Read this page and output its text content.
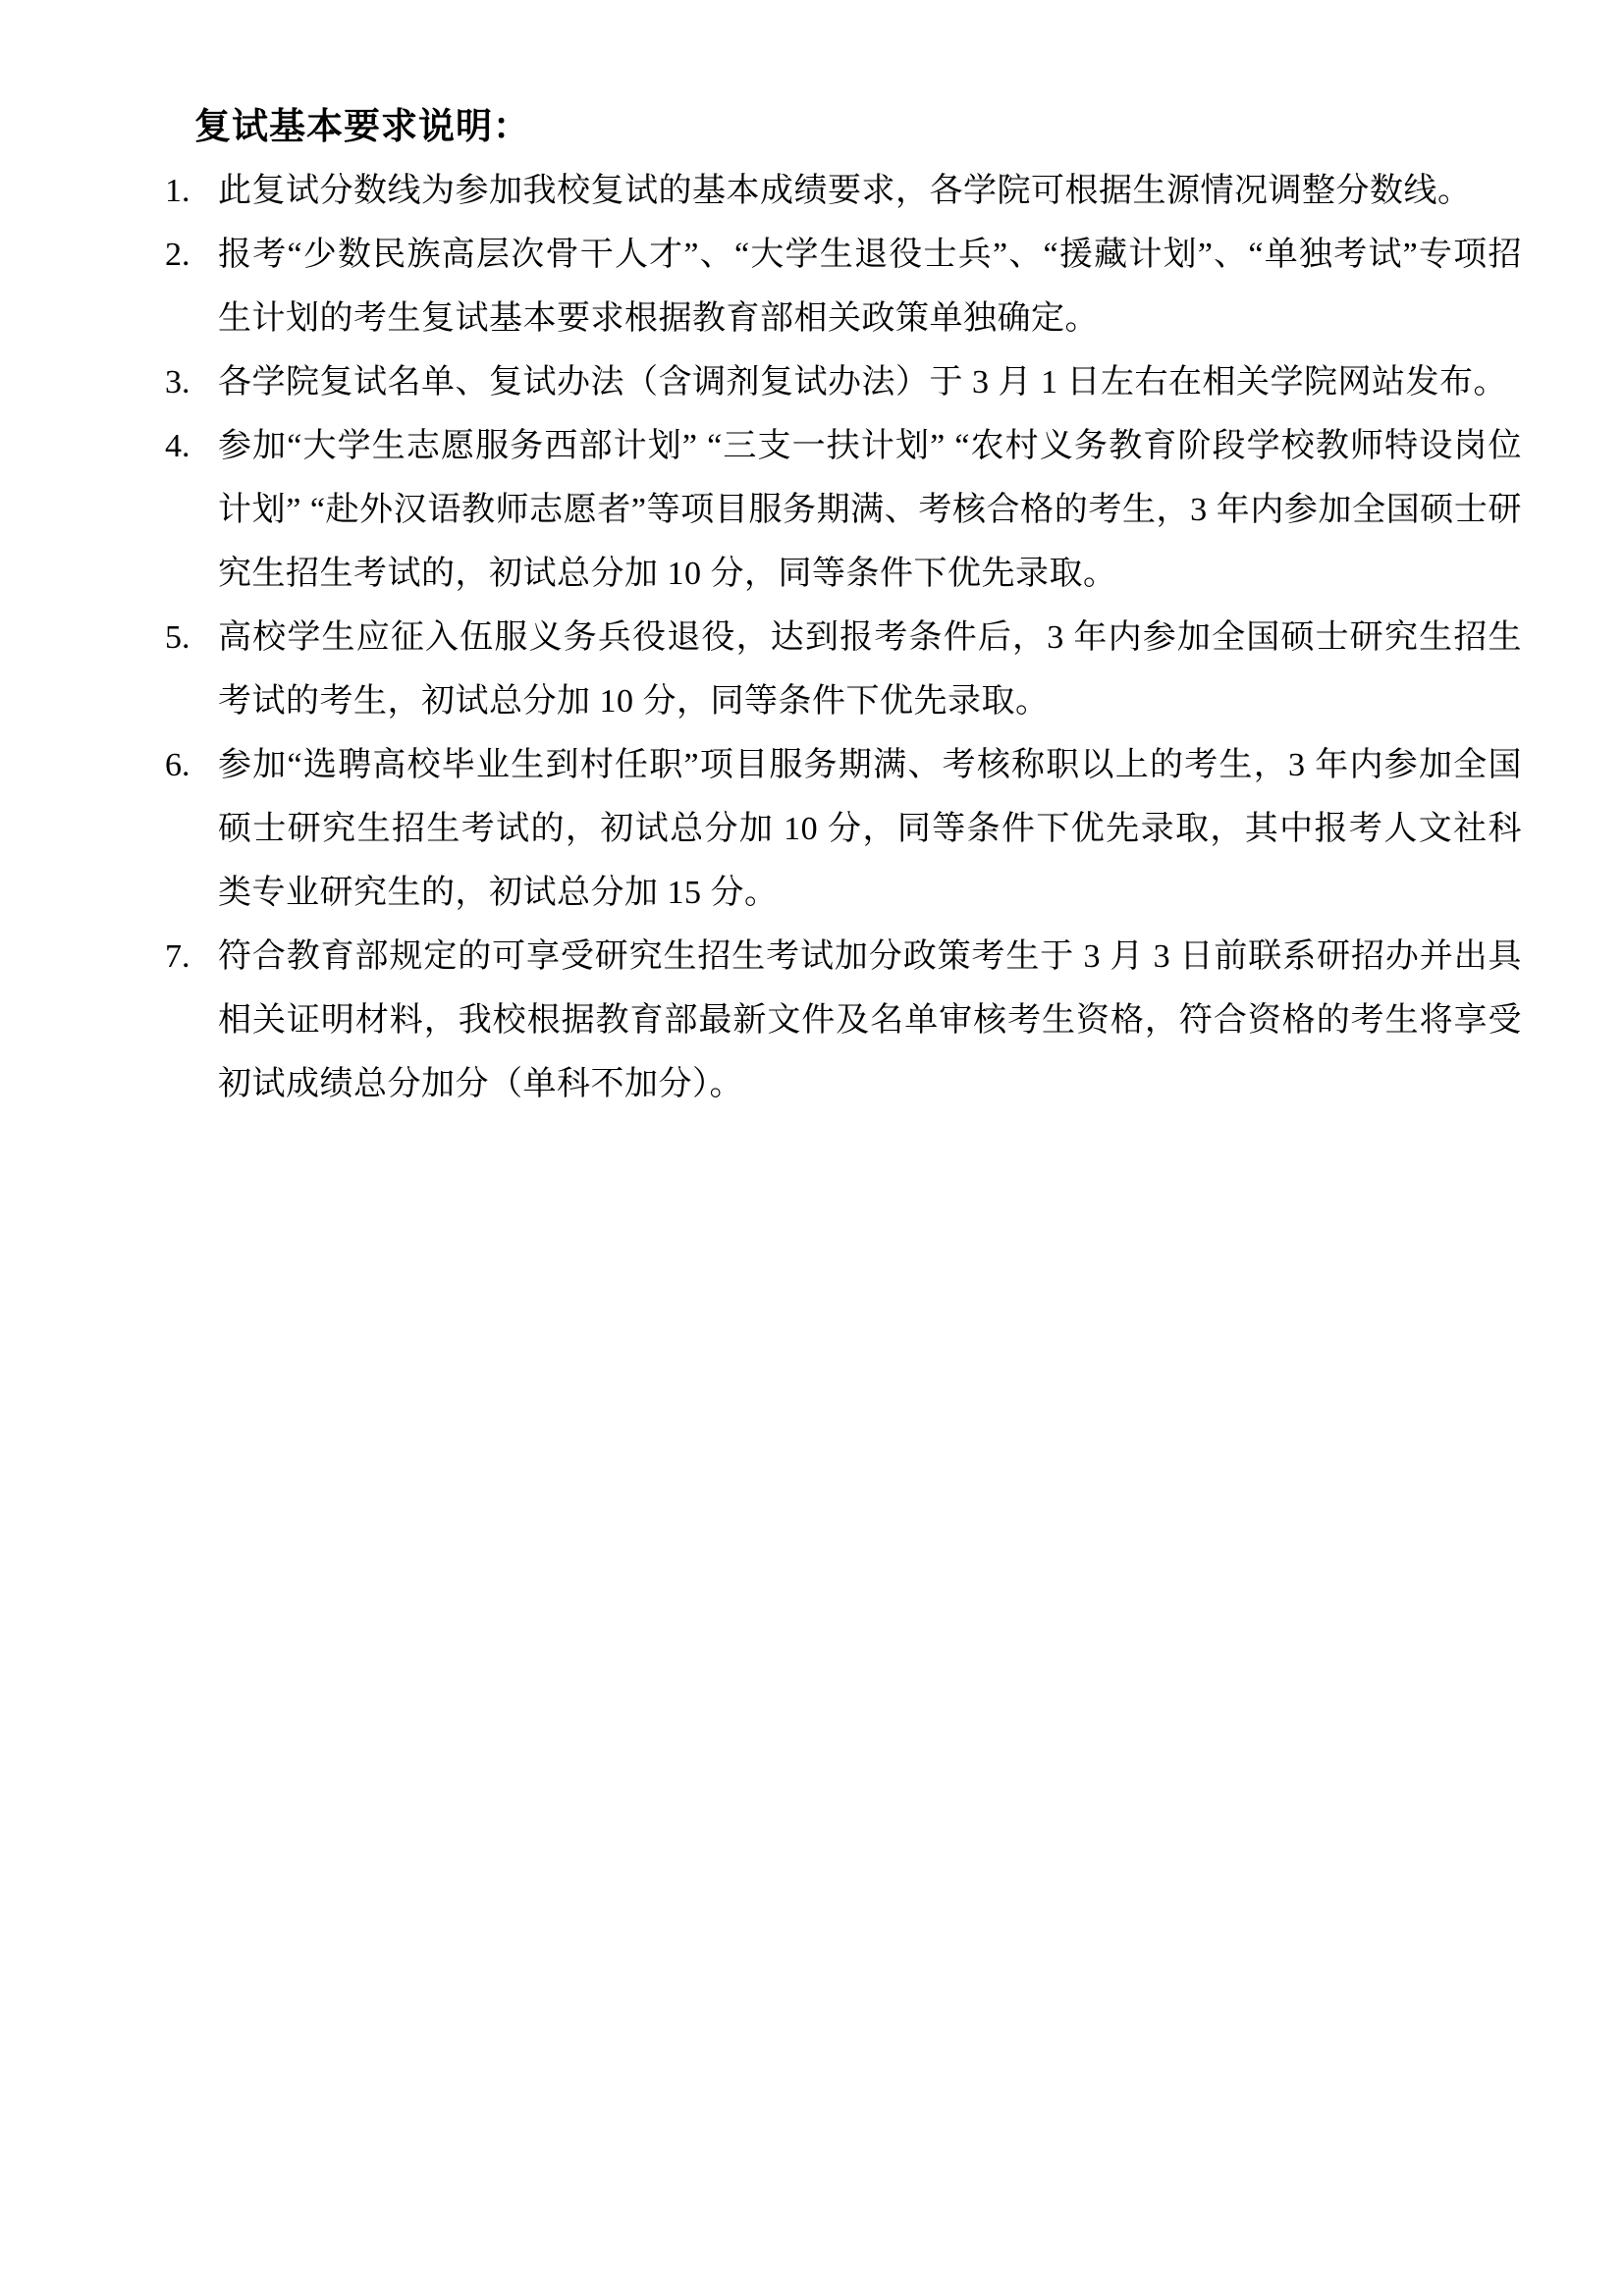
复试基本要求说明：
1. 此复试分数线为参加我校复试的基本成绩要求，各学院可根据生源情况调整分数线。
2. 报考“少数民族高层次骨干人才”、“大学生退役士兵”、“援藏计划”、“单独考试”专项招生计划的考生复试基本要求根据教育部相关政策单独确定。
3. 各学院复试名单、复试办法（含调剂复试办法）于 3 月 1 日左右在相关学院网站发布。
4. 参加“大学生志愿服务西部计划” “三支一扶计划” “农村义务教育阶段学校教师特设岗位计划” “赴外汉语教师志愿者”等项目服务期满、考核合格的考生，3 年内参加全国硕士研究生招生考试的，初试总分加 10 分，同等条件下优先录取。
5. 高校学生应征入伍服义务兵役退役，达到报考条件后，3 年内参加全国硕士研究生招生考试的考生，初试总分加 10 分，同等条件下优先录取。
6. 参加“选聘高校毕业生到村任职”项目服务期满、考核称职以上的考生，3 年内参加全国硕士研究生招生考试的，初试总分加 10 分，同等条件下优先录取，其中报考人文社科类专业研究生的，初试总分加 15 分。
7. 符合教育部规定的可享受研究生招生考试加分政策考生于 3 月 3 日前联系研招办并出具相关证明材料，我校根据教育部最新文件及名单审核考生资格，符合资格的考生将享受初试成绩总分加分（单科不加分）。
